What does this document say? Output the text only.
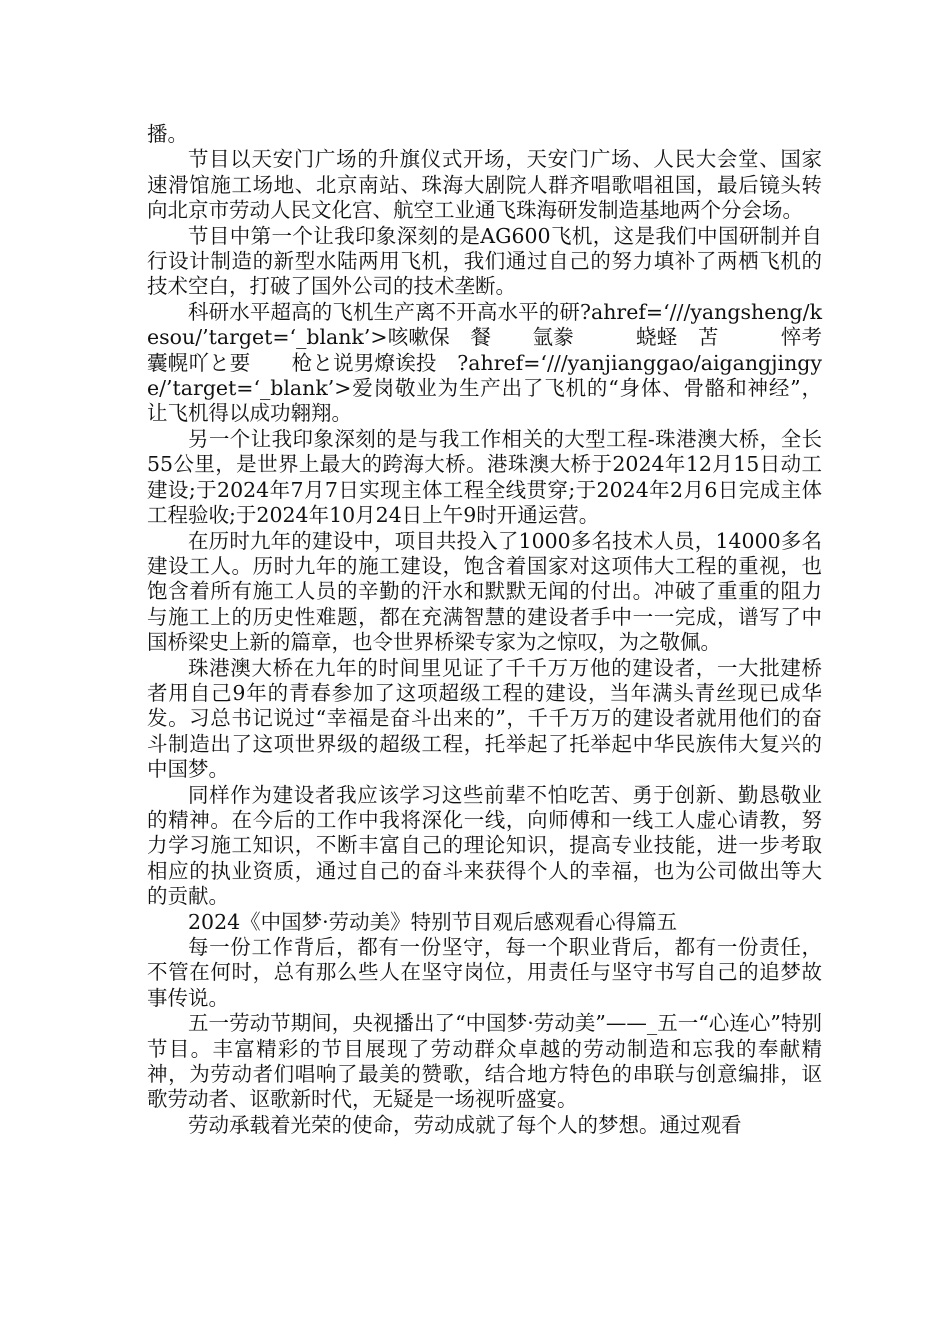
播。

节目以天安门广场的升旗仪式开场，天安门广场、人民大会堂、国家速滑馆施工场地、北京南站、珠海大剧院人群齐唱歌唱祖国，最后镜头转向北京市劳动人民文化宫、航空工业通飞珠海研发制造基地两个分会场。

节目中第一个让我印象深刻的是AG600飞机，这是我们中国研制并自行设计制造的新型水陆两用飞机，我们通过自己的努力填补了两栖飞机的技术空白，打破了国外公司的技术垄断。

科研水平超高的飞机生产离不开高水平的研?ahref=‘///yangsheng/kesou/’target=‘_blank’>咳嗽保　餐　　氩豢　　　蛲蛏　苫　　　悴考　囊幌吖と要　　枪と说男燎诶投　?ahref=‘///yanjianggao/aigangjingye/’target=‘_blank’>爱岗敬业为生产出了飞机的“身体、骨骼和神经”，让飞机得以成功翱翔。

另一个让我印象深刻的是与我工作相关的大型工程-珠港澳大桥，全长55公里，是世界上最大的跨海大桥。港珠澳大桥于2024年12月15日动工建设;于2024年7月7日实现主体工程全线贯穿;于2024年2月6日完成主体工程验收;于2024年10月24日上午9时开通运营。

在历时九年的建设中，项目共投入了1000多名技术人员，14000多名建设工人。历时九年的施工建设，饱含着国家对这项伟大工程的重视，也饱含着所有施工人员的辛勤的汗水和默默无闻的付出。冲破了重重的阻力与施工上的历史性难题，都在充满智慧的建设者手中一一完成，谱写了中国桥梁史上新的篇章，也令世界桥梁专家为之惊叹，为之敬佩。

珠港澳大桥在九年的时间里见证了千千万万他的建设者，一大批建桥者用自己9年的青春参加了这项超级工程的建设，当年满头青丝现已成华发。习总书记说过“幸福是奋斗出来的”，千千万万的建设者就用他们的奋斗制造出了这项世界级的超级工程，托举起了托举起中华民族伟大复兴的中国梦。

同样作为建设者我应该学习这些前辈不怕吃苦、勇于创新、勤恳敬业的精神。在今后的工作中我将深化一线，向师傅和一线工人虚心请教，努力学习施工知识，不断丰富自己的理论知识，提高专业技能，进一步考取相应的执业资质，通过自己的奋斗来获得个人的幸福，也为公司做出等大的贡献。

2024《中国梦·劳动美》特别节目观后感观看心得篇五

每一份工作背后，都有一份坚守，每一个职业背后，都有一份责任，不管在何时，总有那么些人在坚守岗位，用责任与坚守书写自己的追梦故事传说。

五一劳动节期间，央视播出了“中国梦·劳动美”——_五一“心连心”特别节目。丰富精彩的节目展现了劳动群众卓越的劳动制造和忘我的奉献精神，为劳动者们唱响了最美的赞歌，结合地方特色的串联与创意编排，讴歌劳动者、讴歌新时代，无疑是一场视听盛宴。

劳动承载着光荣的使命，劳动成就了每个人的梦想。通过观看
